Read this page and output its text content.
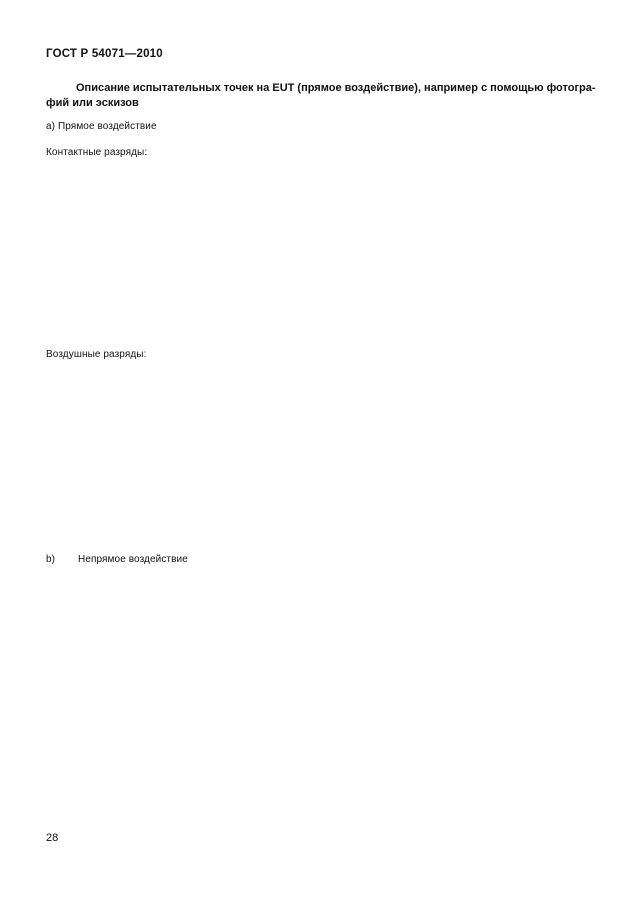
ГОСТ Р 54071—2010
Описание испытательных точек на EUT (прямое воздействие), например с помощью фотогра-
фий или эскизов
а) Прямое воздействие
Контактные разряды:
Воздушные разряды:
b) Непрямое воздействие
28
